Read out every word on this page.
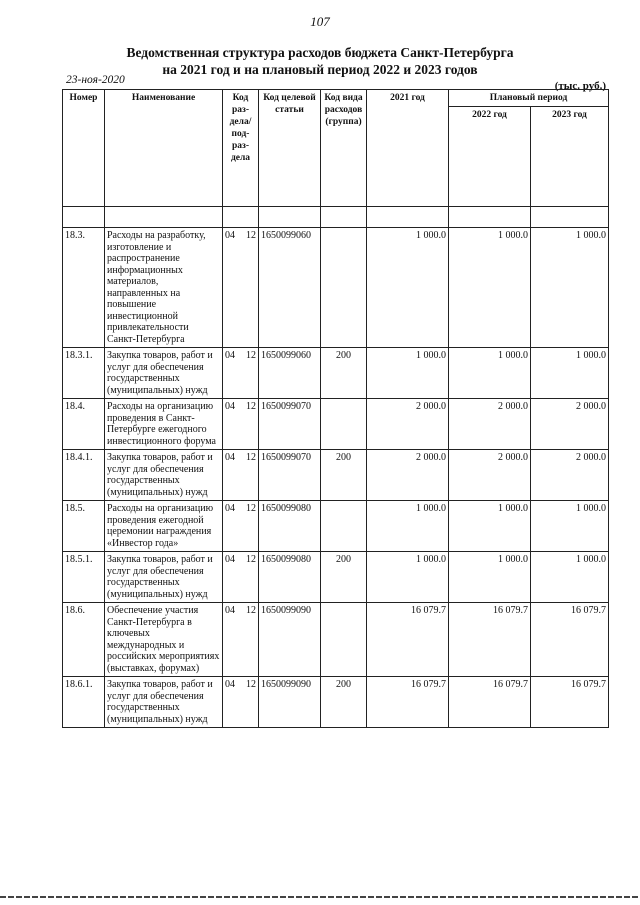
107
Ведомственная структура расходов бюджета Санкт-Петербурга
на 2021 год и на плановый период 2022 и 2023 годов
23-ноя-2020	(тыс. руб.)
Номер	Наименование	Код раз-дела/ под-раз-дела	Код целевой статьи	Код вида расходов (группа)	2021 год	Плановый период	
						2022 год	2023 год

18.3.	Расходы на разработку, изготовление и распространение информационных материалов, направленных на повышение инвестиционной привлекательности Санкт-Петербурга	04 12	1650099060		1 000.0	1 000.0	1 000.0
18.3.1.	Закупка товаров, работ и услуг для обеспечения государственных (муниципальных) нужд	04 12	1650099060	200	1 000.0	1 000.0	1 000.0
18.4.	Расходы на организацию проведения в Санкт-Петербурге ежегодного инвестиционного форума	04 12	1650099070		2 000.0	2 000.0	2 000.0
18.4.1.	Закупка товаров, работ и услуг для обеспечения государственных (муниципальных) нужд	04 12	1650099070	200	2 000.0	2 000.0	2 000.0
18.5.	Расходы на организацию проведения ежегодной церемонии награждения «Инвестор года»	04 12	1650099080		1 000.0	1 000.0	1 000.0
18.5.1.	Закупка товаров, работ и услуг для обеспечения государственных (муниципальных) нужд	04 12	1650099080	200	1 000.0	1 000.0	1 000.0
18.6.	Обеспечение участия Санкт-Петербурга в ключевых международных и российских мероприятиях (выставках, форумах)	04 12	1650099090		16 079.7	16 079.7	16 079.7
18.6.1.	Закупка товаров, работ и услуг для обеспечения государственных (муниципальных) нужд	04 12	1650099090	200	16 079.7	16 079.7	16 079.7
